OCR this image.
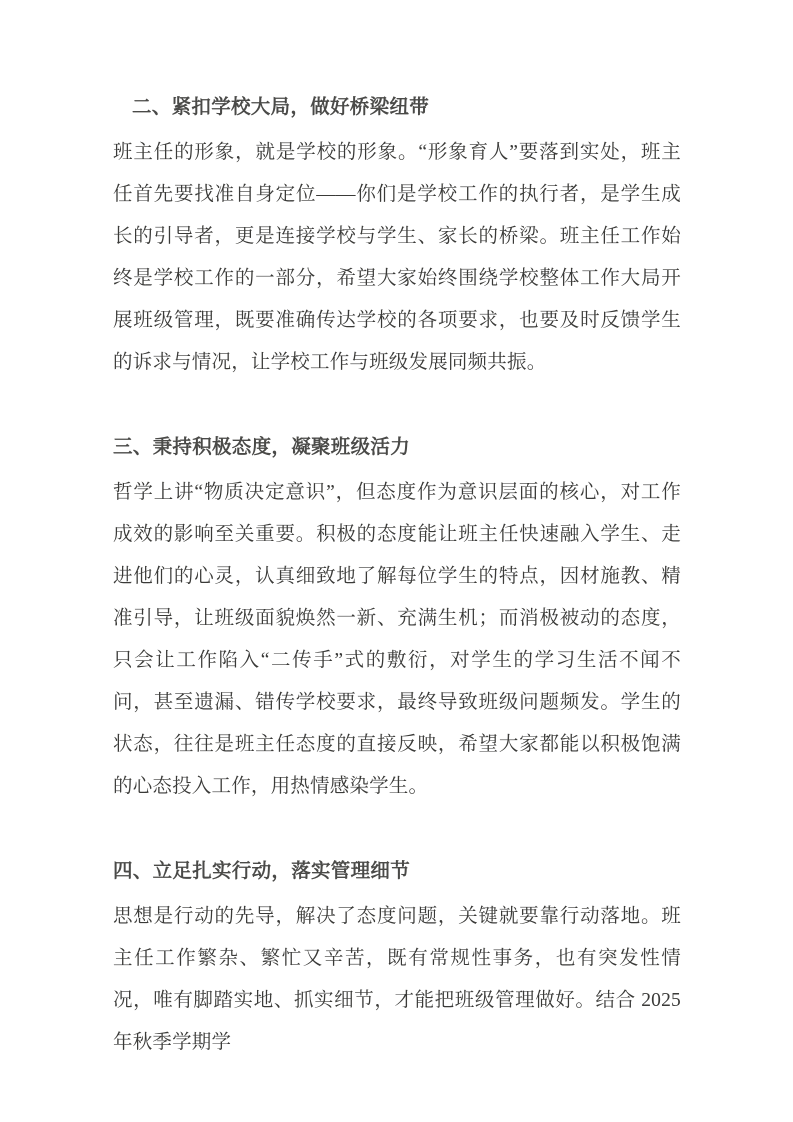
二、紧扣学校大局，做好桥梁纽带

班主任的形象，就是学校的形象。“形象育人”要落到实处，班主任首先要找准自身定位——你们是学校工作的执行者，是学生成长的引导者，更是连接学校与学生、家长的桥梁。班主任工作始终是学校工作的一部分，希望大家始终围绕学校整体工作大局开展班级管理，既要准确传达学校的各项要求，也要及时反馈学生的诉求与情况，让学校工作与班级发展同频共振。

三、秉持积极态度，凝聚班级活力

哲学上讲“物质决定意识”，但态度作为意识层面的核心，对工作成效的影响至关重要。积极的态度能让班主任快速融入学生、走进他们的心灵，认真细致地了解每位学生的特点，因材施教、精准引导，让班级面貌焕然一新、充满生机；而消极被动的态度，只会让工作陷入“二传手”式的敷衍，对学生的学习生活不闻不问，甚至遗漏、错传学校要求，最终导致班级问题频发。学生的状态，往往是班主任态度的直接反映，希望大家都能以积极饱满的心态投入工作，用热情感染学生。

四、立足扎实行动，落实管理细节

思想是行动的先导，解决了态度问题，关键就要靠行动落地。班主任工作繁杂、繁忙又辛苦，既有常规性事务，也有突发性情况，唯有脚踏实地、抓实细节，才能把班级管理做好。结合 2025 年秋季学期学
